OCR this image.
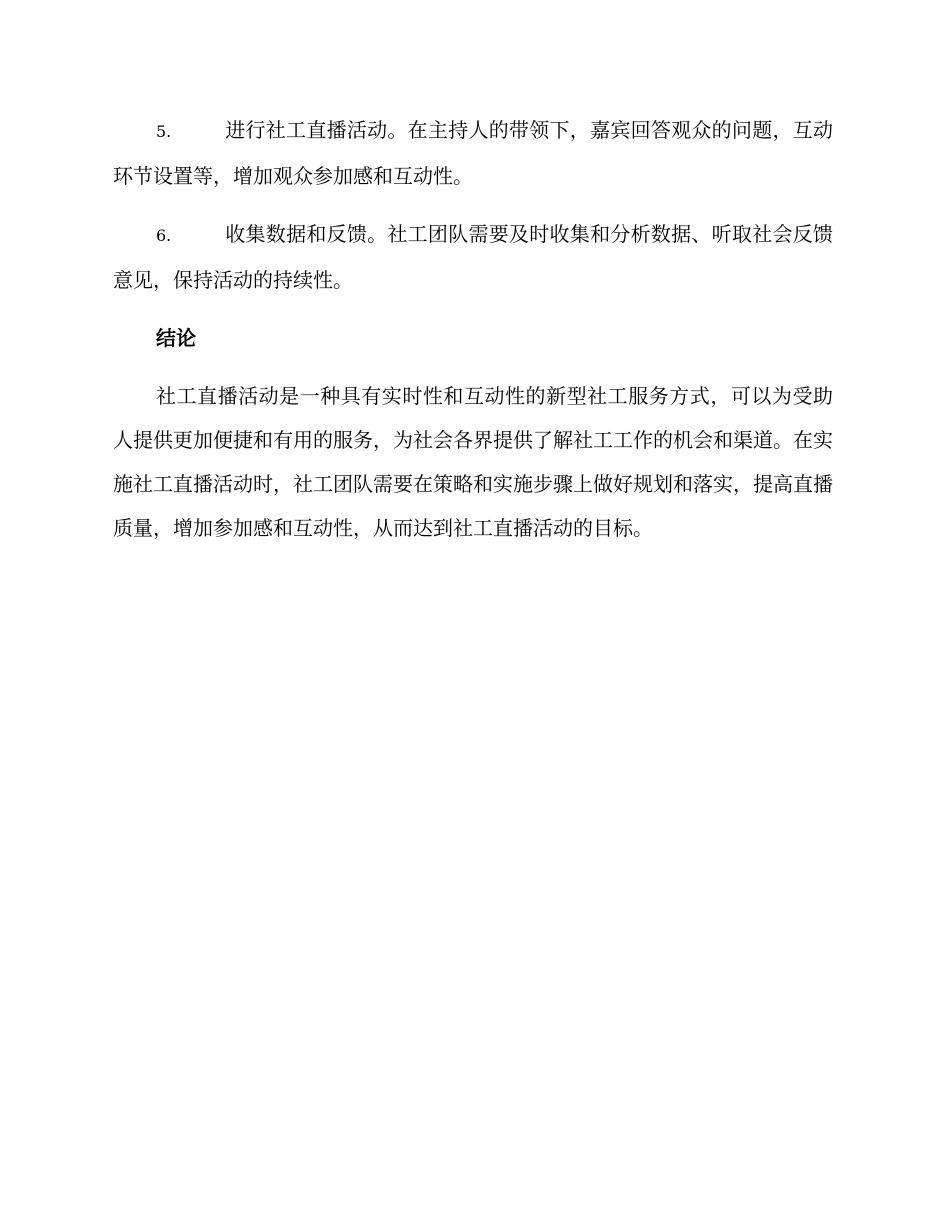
5.	进行社工直播活动。在主持人的带领下，嘉宾回答观众的问题，互动环节设置等，增加观众参加感和互动性。

6.	收集数据和反馈。社工团队需要及时收集和分析数据、听取社会反馈意见，保持活动的持续性。

结论

社工直播活动是一种具有实时性和互动性的新型社工服务方式，可以为受助人提供更加便捷和有用的服务，为社会各界提供了解社工工作的机会和渠道。在实施社工直播活动时，社工团队需要在策略和实施步骤上做好规划和落实，提高直播质量，增加参加感和互动性，从而达到社工直播活动的目标。
